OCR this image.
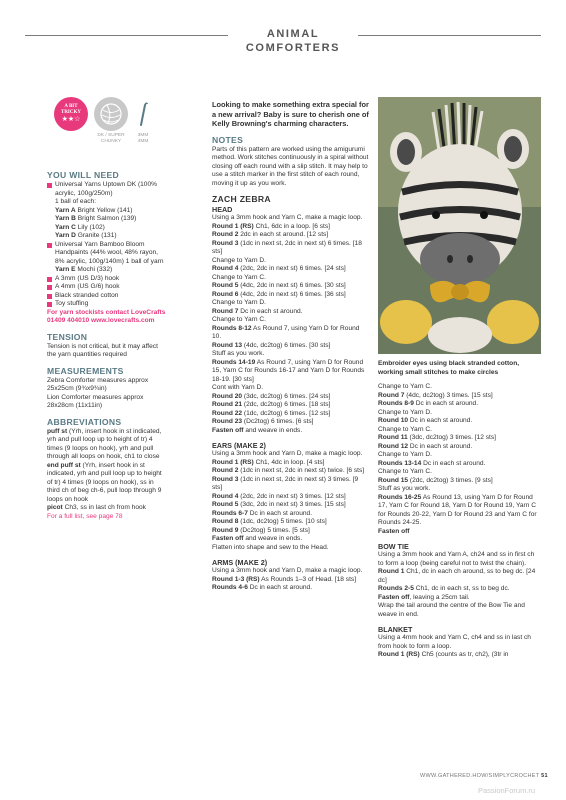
ANIMAL COMFORTERS
A BIT
TRICKY
★★☆
DK / SUPER CHUNKY
3MM 4MM

YOU WILL NEED

Universal Yarns Uptown DK (100% acrylic, 100g/250m)
1 ball of each:
Yarn A Bright Yellow (141)
Yarn B Bright Salmon (139)
Yarn C Lily (102)
Yarn D Granite (131)
Universal Yarn Bamboo Bloom Handpaints (44% wool, 48% rayon, 8% acrylic, 100g/140m) 1 ball of yarn Yarn E Mochi (332)
A 3mm (US D/3) hook
A 4mm (US G/6) hook
Black stranded cotton
Toy stuffing

For yarn stockists contact LoveCrafts 01409 404010 www.lovecrafts.com

TENSION

Tension is not critical, but it may affect the yarn quantities required

MEASUREMENTS

Zebra Comforter measures approx 25x25cm (9¾x9¾in)

Lion Comforter measures approx 28x28cm (11x11in)

ABBREVIATIONS

puff st (Yrh, insert hook in st indicated, yrh and pull loop up to height of tr) 4 times (9 loops on hook), yrh and pull through all loops on hook, ch1 to close

end puff st (Yrh, insert hook in st indicated, yrh and pull loop up to height of tr) 4 times (9 loops on hook), ss in third ch of beg ch-6, pull loop through 9 loops on hook

picot Ch3, ss in last ch from hook

For a full list, see page 78

Looking to make something extra special for a new arrival? Baby is sure to cherish one of Kelly Browning's charming characters.

NOTES

Parts of this pattern are worked using the amigurumi method. Work stitches continuously in a spiral without closing off each round with a slip stitch. It may help to use a stitch marker in the first stitch of each round, moving it up as you work.

ZACH ZEBRA

HEAD

Using a 3mm hook and Yarn C, make a magic loop.

Round 1 (RS) Ch1, 6dc in a loop. [6 sts]

Round 2 2dc in each st around. [12 sts]

Round 3 (1dc in next st, 2dc in next st) 6 times. [18 sts]

Change to Yarn D.

Round 4 (2dc, 2dc in next st) 6 times. [24 sts]

Change to Yarn C.

Round 5 (4dc, 2dc in next st) 6 times. [30 sts]

Round 6 (4dc, 2dc in next st) 6 times. [36 sts]

Change to Yarn D.

Round 7 Dc in each st around.

Change to Yarn C.

Rounds 8-12 As Round 7, using Yarn D for Round 10.

Round 13 (4dc, dc2tog) 6 times. [30 sts]

Stuff as you work.

Rounds 14-19 As Round 7, using Yarn D for Round 15, Yarn C for Rounds 16-17 and Yarn D for Rounds 18-19. [30 sts]

Cont with Yarn D.

Round 20 (3dc, dc2tog) 6 times. [24 sts]

Round 21 (2dc, dc2tog) 6 times. [18 sts]

Round 22 (1dc, dc2tog) 6 times. [12 sts]

Round 23 (Dc2tog) 6 times. [6 sts]

Fasten off and weave in ends.

EARS (MAKE 2)

Using a 3mm hook and Yarn D, make a magic loop.

Round 1 (RS) Ch1, 4dc in loop. [4 sts]

Round 2 (1dc in next st, 2dc in next st) twice. [6 sts]

Round 3 (1dc in next st, 2dc in next st) 3 times. [9 sts]

Round 4 (2dc, 2dc in next st) 3 times. [12 sts]

Round 5 (3dc, 2dc in next st) 3 times. [15 sts]

Rounds 6-7 Dc in each st around.

Round 8 (1dc, dc2tog) 5 times. [10 sts]

Round 9 (Dc2tog) 5 times. [5 sts]

Fasten off and weave in ends.

Flatten into shape and sew to the Head.

ARMS (MAKE 2)

Using a 3mm hook and Yarn D, make a magic loop.

Round 1-3 (RS) As Rounds 1–3 of Head. [18 sts]

Rounds 4-6 Dc in each st around.

Embroider eyes using black stranded cotton, working small stitches to make circles

Change to Yarn C.

Round 7 (4dc, dc2tog) 3 times. [15 sts]

Rounds 8-9 Dc in each st around.

Change to Yarn D.

Round 10 Dc in each st around.

Change to Yarn C.

Round 11 (3dc, dc2tog) 3 times. [12 sts]

Round 12 Dc in each st around.

Change to Yarn D.

Rounds 13-14 Dc in each st around.

Change to Yarn C.

Round 15 (2dc, dc2tog) 3 times. [9 sts]

Stuff as you work.

Rounds 16-25 As Round 13, using Yarn D for Round 17, Yarn C for Round 18, Yarn D for Round 19, Yarn C for Rounds 20-22, Yarn D for Round 23 and Yarn C for Rounds 24-25.

Fasten off

BOW TIE

Using a 3mm hook and Yarn A, ch24 and ss in first ch to form a loop (being careful not to twist the chain).

Round 1 Ch1, dc in each ch around, ss to beg dc. [24 dc]

Rounds 2-5 Ch1, dc in each st, ss to beg dc.

Fasten off, leaving a 25cm tail.

Wrap the tail around the centre of the Bow Tie and weave in end.

BLANKET

Using a 4mm hook and Yarn C, ch4 and ss in last ch from hook to form a loop.

Round 1 (RS) Ch5 (counts as tr, ch2), (3tr in

WWW.GATHERED.HOW/SIMPLYCROCHET 51
PassionForum.ru
